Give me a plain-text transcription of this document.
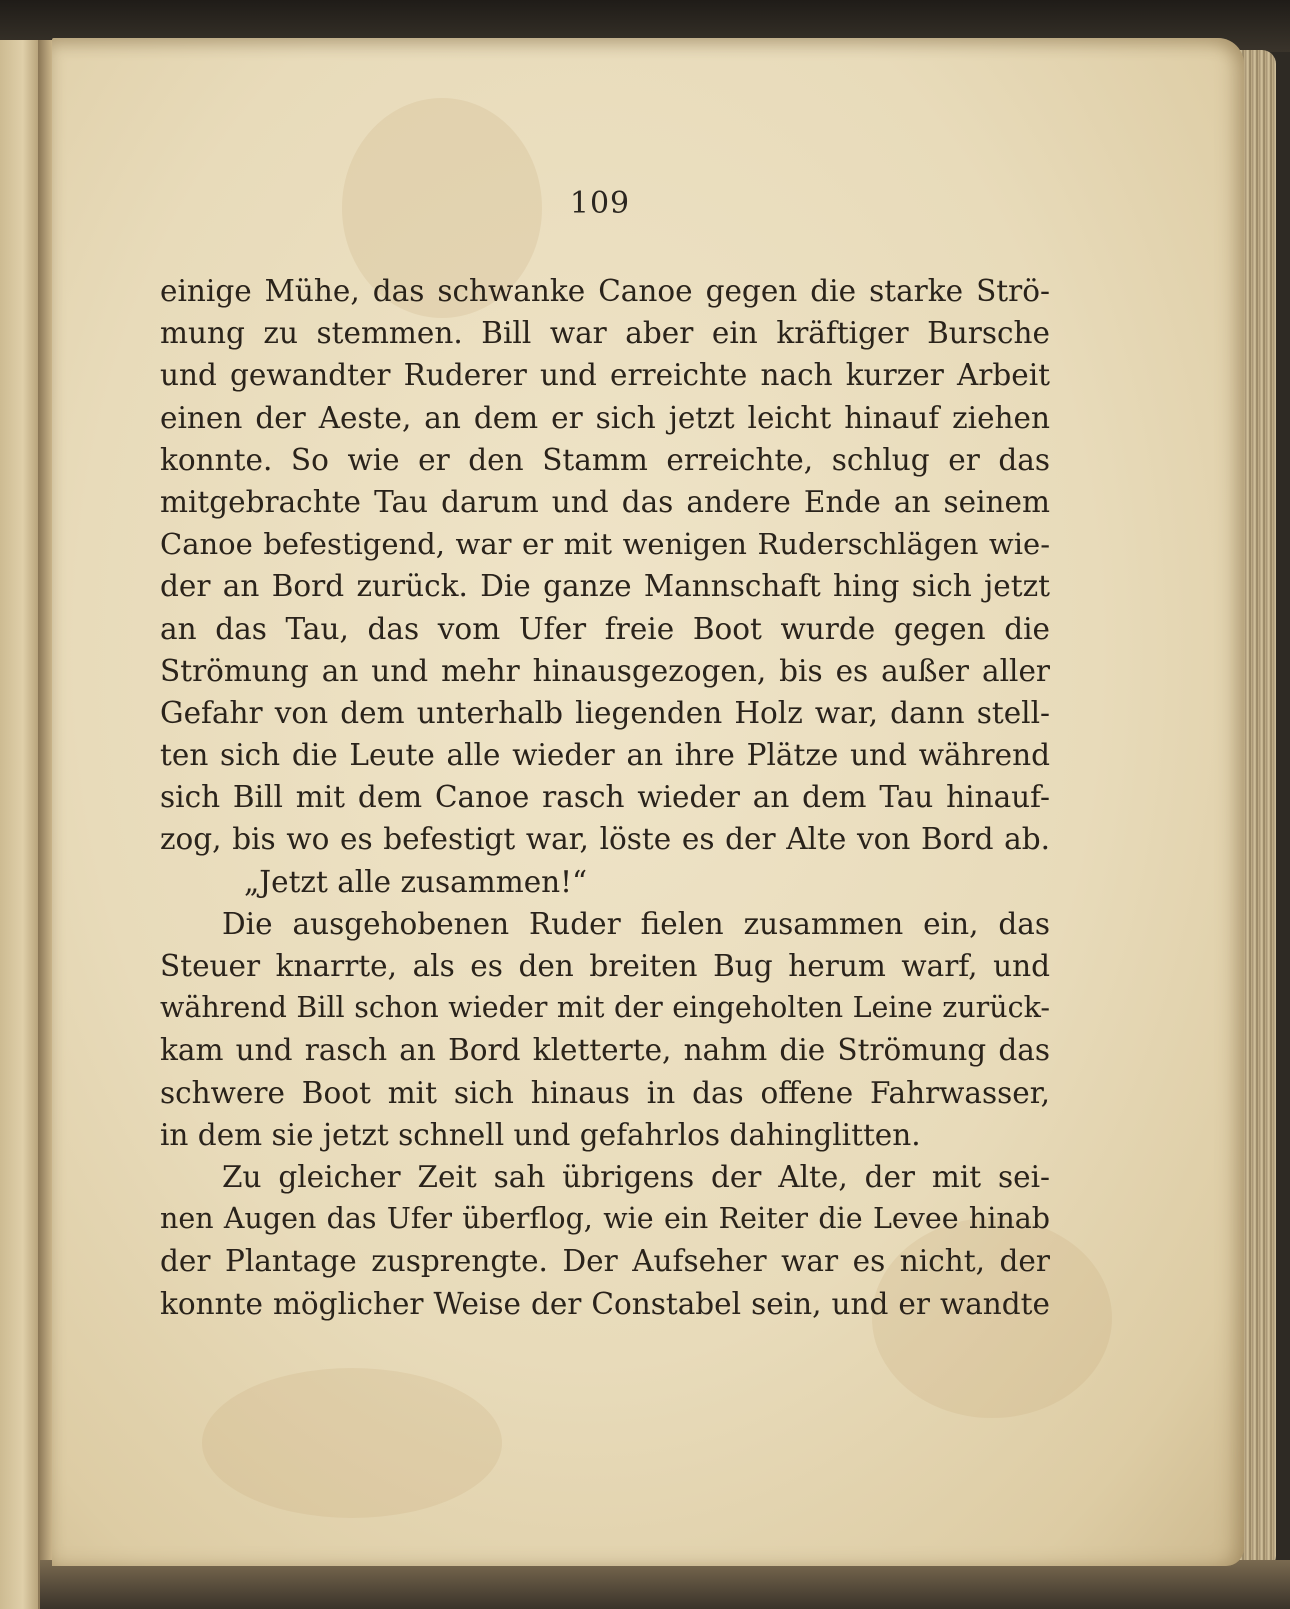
109
einige Mühe, das schwanke Canoe gegen die starke Strö-
mung zu stemmen. Bill war aber ein kräftiger Bursche
und gewandter Ruderer und erreichte nach kurzer Arbeit
einen der Aeste, an dem er sich jetzt leicht hinauf ziehen
konnte. So wie er den Stamm erreichte, schlug er das
mitgebrachte Tau darum und das andere Ende an seinem
Canoe befestigend, war er mit wenigen Ruderschlägen wie-
der an Bord zurück. Die ganze Mannschaft hing sich jetzt
an das Tau, das vom Ufer freie Boot wurde gegen die
Strömung an und mehr hinausgezogen, bis es außer aller
Gefahr von dem unterhalb liegenden Holz war, dann stell-
ten sich die Leute alle wieder an ihre Plätze und während
sich Bill mit dem Canoe rasch wieder an dem Tau hinauf-
zog, bis wo es befestigt war, löste es der Alte von Bord ab.
„Jetzt alle zusammen!“
Die ausgehobenen Ruder fielen zusammen ein, das
Steuer knarrte, als es den breiten Bug herum warf, und
während Bill schon wieder mit der eingeholten Leine zurück-
kam und rasch an Bord kletterte, nahm die Strömung das
schwere Boot mit sich hinaus in das offene Fahrwasser,
in dem sie jetzt schnell und gefahrlos dahinglitten.
Zu gleicher Zeit sah übrigens der Alte, der mit sei-
nen Augen das Ufer überflog, wie ein Reiter die Levee hinab
der Plantage zusprengte. Der Aufseher war es nicht, der
konnte möglicher Weise der Constabel sein, und er wandte
